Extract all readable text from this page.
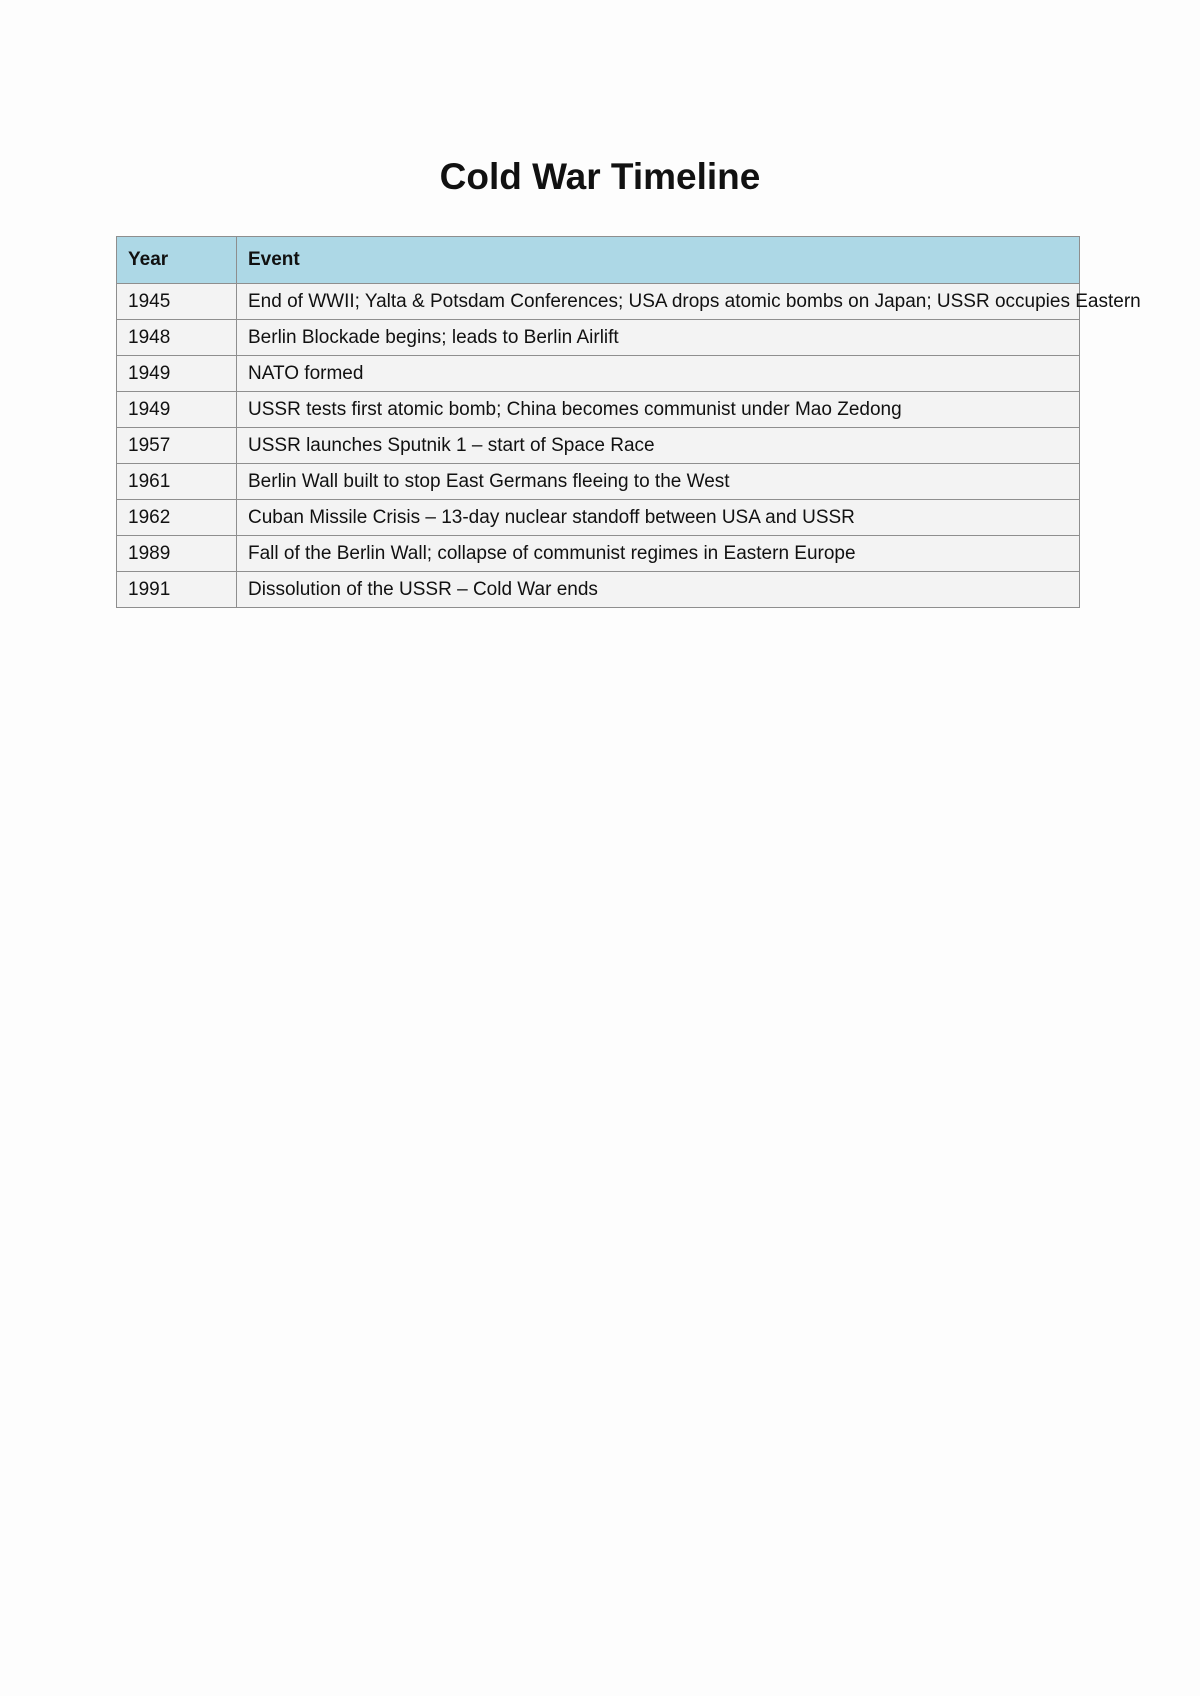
Cold War Timeline
Year	Event
1945	End of WWII; Yalta & Potsdam Conferences; USA drops atomic bombs on Japan; USSR occupies Eastern
1948	Berlin Blockade begins; leads to Berlin Airlift
1949	NATO formed
1949	USSR tests first atomic bomb; China becomes communist under Mao Zedong
1957	USSR launches Sputnik 1 – start of Space Race
1961	Berlin Wall built to stop East Germans fleeing to the West
1962	Cuban Missile Crisis – 13-day nuclear standoff between USA and USSR
1989	Fall of the Berlin Wall; collapse of communist regimes in Eastern Europe
1991	Dissolution of the USSR – Cold War ends
